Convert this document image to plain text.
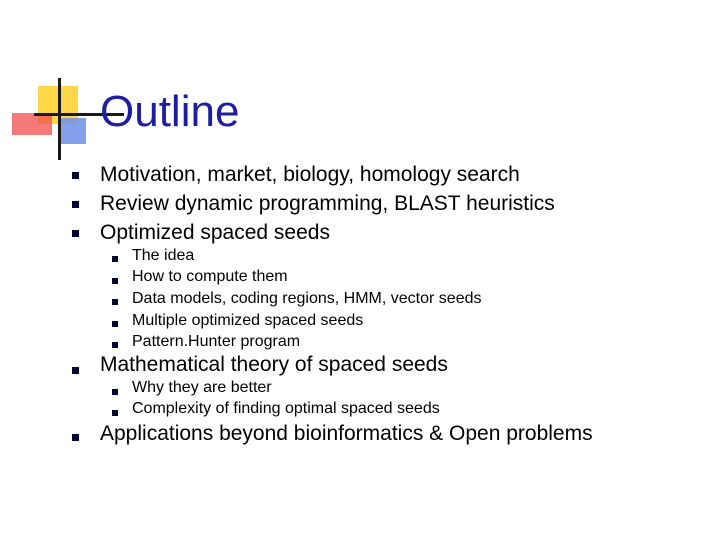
Outline
Motivation, market, biology, homology search
Review dynamic programming, BLAST heuristics
Optimized spaced seeds
The idea
How to compute them
Data models, coding regions, HMM, vector seeds
Multiple optimized spaced seeds
Pattern.Hunter program
Mathematical theory of spaced seeds
Why they are better
Complexity of finding optimal spaced seeds
Applications beyond bioinformatics & Open problems
